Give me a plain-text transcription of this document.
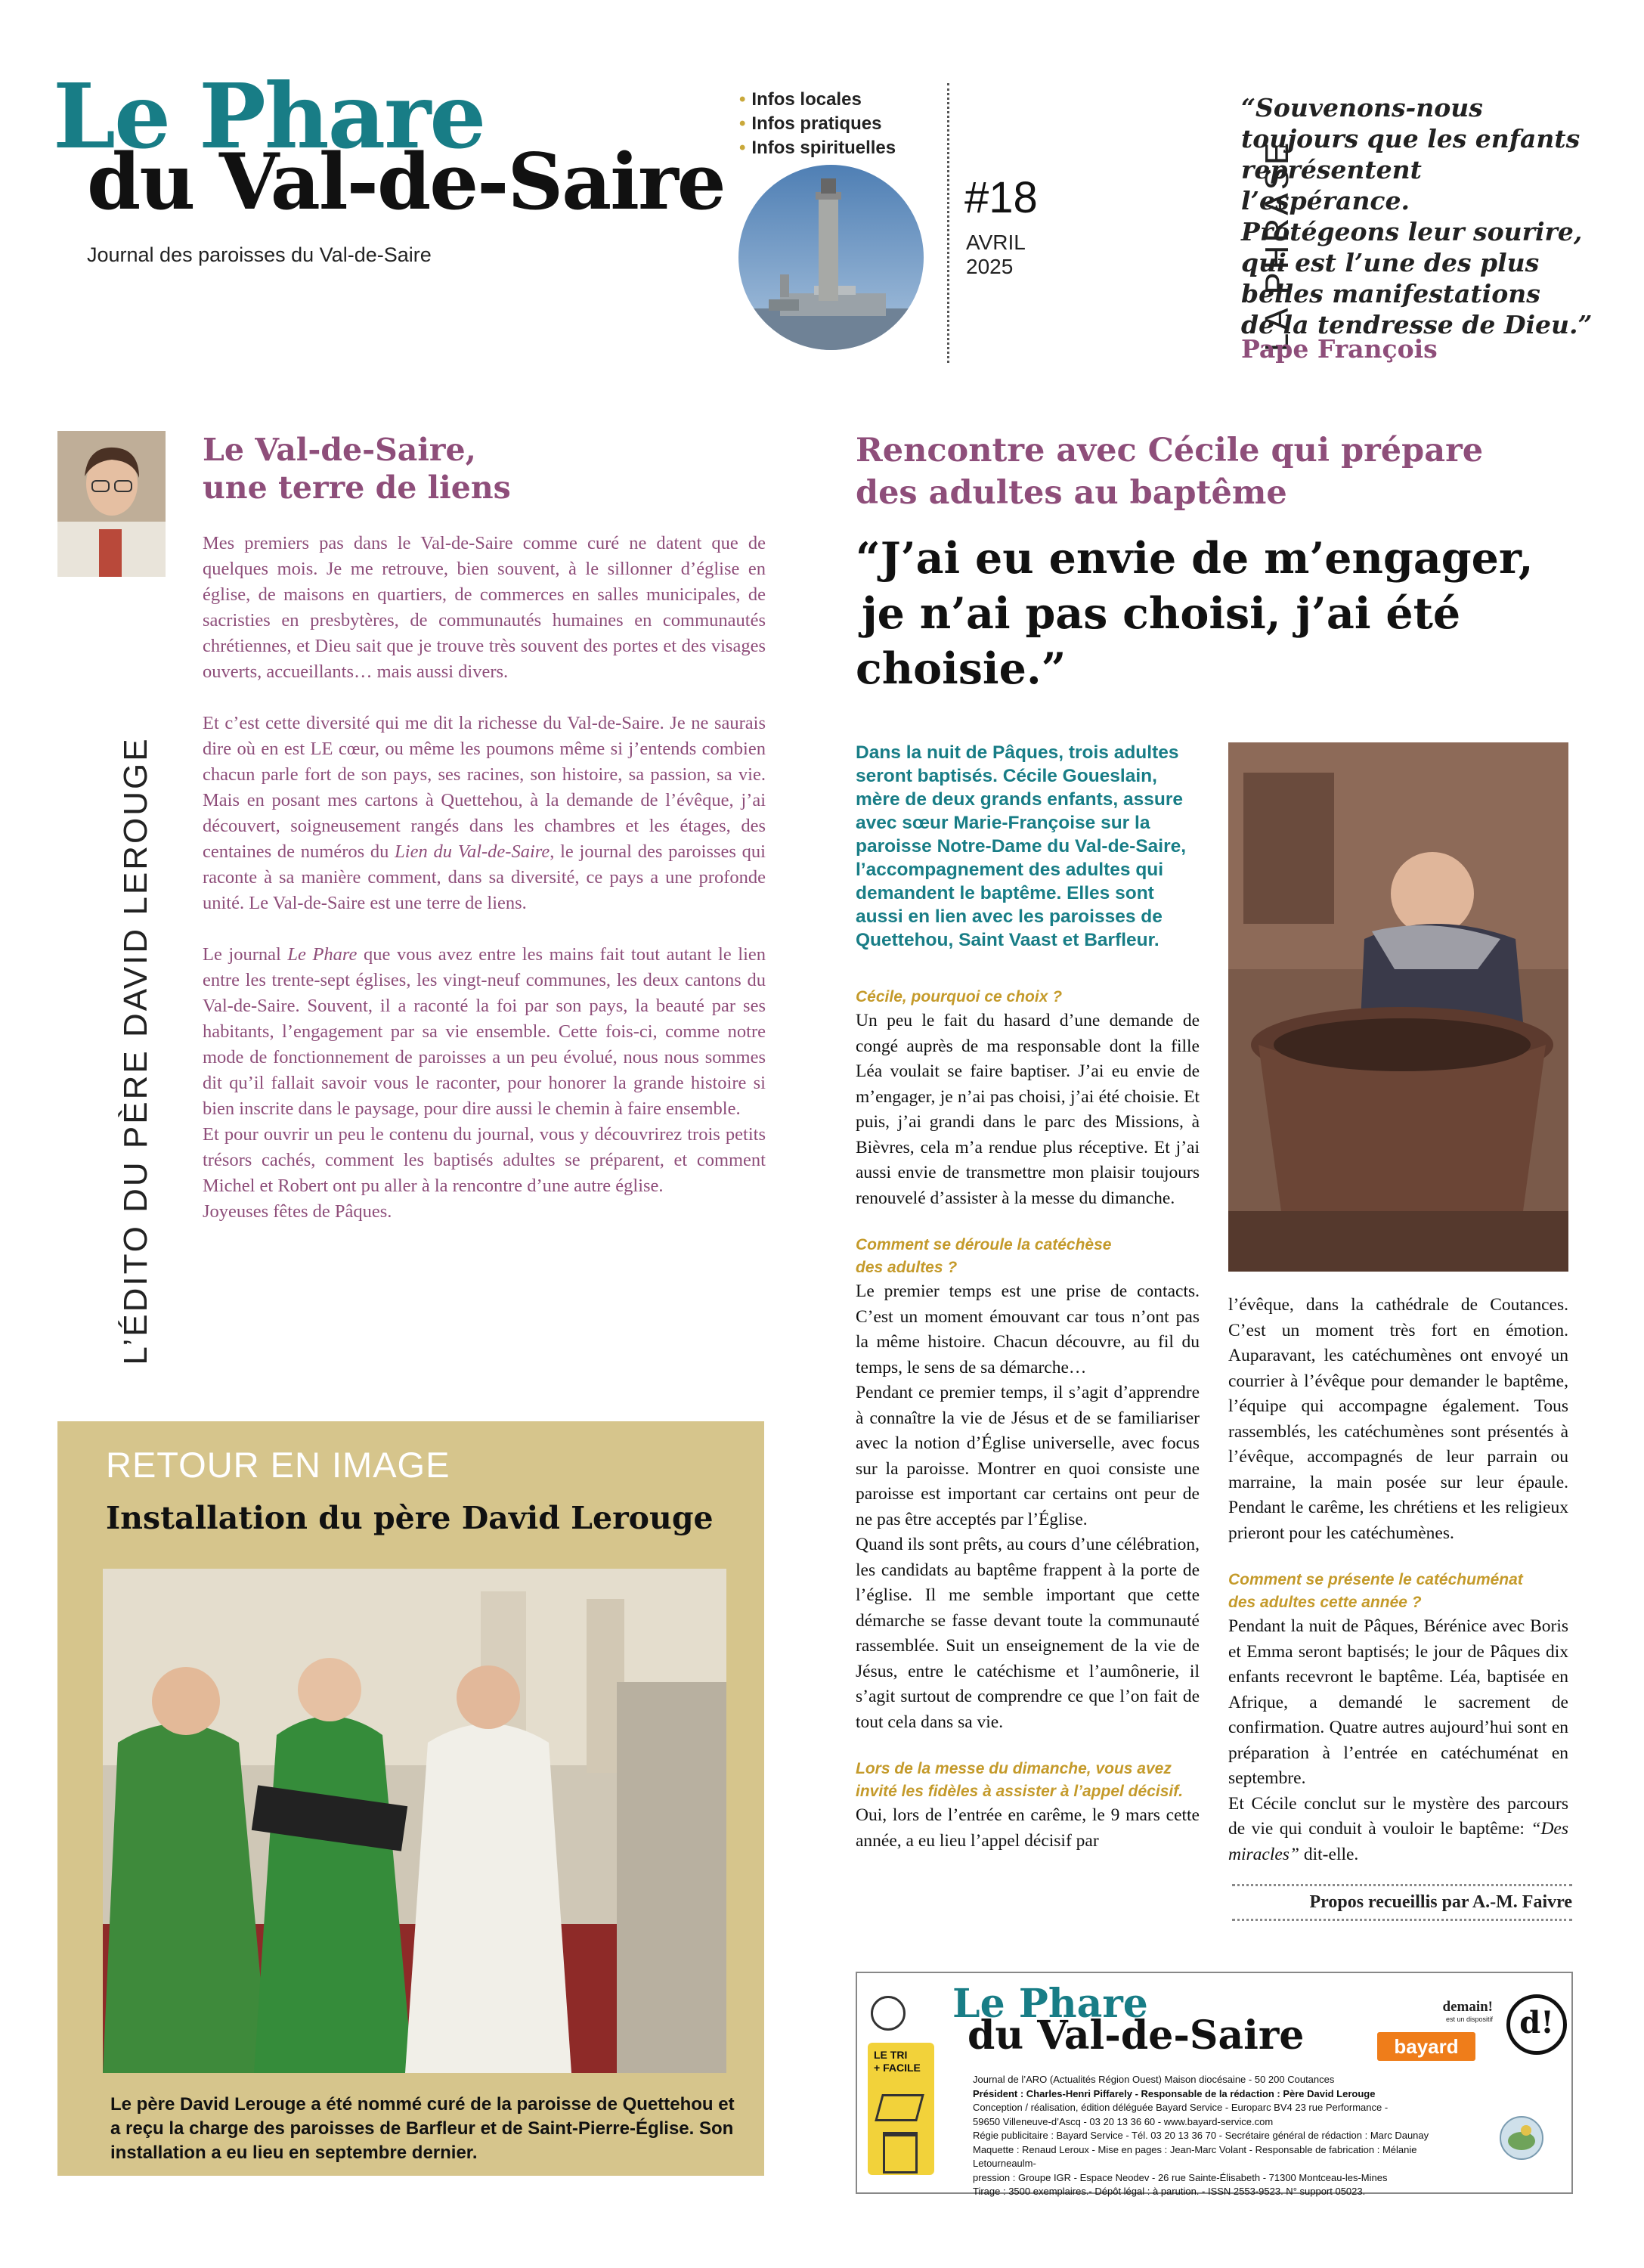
Le Phare
du Val-de-Saire
Journal des paroisses du Val-de-Saire
• Infos locales
• Infos pratiques
• Infos spirituelles
#18
AVRIL
2025	LA PHRASE
“Souvenons-nous
toujours que les enfants
représentent l’espérance.
Protégeons leur sourire,
qui est l’une des plus
belles manifestations
de la tendresse de Dieu.”
Pape François
L’ÉDITO DU PÈRE DAVID LEROUGE
Le Val-de-Saire,
une terre de liens

Mes premiers pas dans le Val-de-Saire comme curé ne datent que de quelques mois. Je me retrouve, bien souvent, à le sillonner d’église en église, de maisons en quartiers, de commerces en salles municipales, de sacristies en presbytères, de communautés humaines en communautés chrétiennes, et Dieu sait que je trouve très souvent des portes et des visages ouverts, accueillants… mais aussi divers.

Et c’est cette diversité qui me dit la richesse du Val-de-Saire. Je ne saurais dire où en est LE cœur, ou même les poumons même si j’entends combien chacun parle fort de son pays, ses racines, son histoire, sa passion, sa vie. Mais en posant mes cartons à Quettehou, à la demande de l’évêque, j’ai découvert, soigneusement rangés dans les chambres et les étages, des centaines de numéros du Lien du Val-de-Saire, le journal des paroisses qui raconte à sa manière comment, dans sa diversité, ce pays a une profonde unité. Le Val-de-Saire est une terre de liens.

Le journal Le Phare que vous avez entre les mains fait tout autant le lien entre les trente-sept églises, les vingt-neuf communes, les deux cantons du Val-de-Saire. Souvent, il a raconté la foi par son pays, la beauté par ses habitants, l’engagement par sa vie ensemble. Cette fois-ci, comme notre mode de fonctionnement de paroisses a un peu évolué, nous nous sommes dit qu’il fallait savoir vous le raconter, pour honorer la grande histoire si bien inscrite dans le paysage, pour dire aussi le chemin à faire ensemble.

Et pour ouvrir un peu le contenu du journal, vous y découvrirez trois petits trésors cachés, comment les baptisés adultes se préparent, et comment Michel et Robert ont pu aller à la rencontre d’une autre église.

Joyeuses fêtes de Pâques.

RETOUR EN IMAGE
Installation du père David Lerouge
Le père David Lerouge a été nommé curé de la paroisse de Quettehou et a reçu la charge des paroisses de Barfleur et de Saint-Pierre-Église. Son installation a eu lieu en septembre dernier.
Rencontre avec Cécile qui prépare
des adultes au baptême
“J’ai eu envie de m’engager,
je n’ai pas choisi, j’ai été
choisie.”
Dans la nuit de Pâques, trois adultes seront baptisés. Cécile Goueslain, mère de deux grands enfants, assure avec sœur Marie-Françoise sur la paroisse Notre-Dame du Val-de-Saire, l’accompagnement des adultes qui demandent le baptême. Elles sont aussi en lien avec les paroisses de Quettehou, Saint Vaast et Barfleur.

Cécile, pourquoi ce choix ?

Un peu le fait du hasard d’une demande de congé auprès de ma responsable dont la fille Léa voulait se faire baptiser. J’ai eu envie de m’engager, je n’ai pas choisi, j’ai été choisie. Et puis, j’ai grandi dans le parc des Missions, à Bièvres, cela m’a rendue plus réceptive. Et j’ai aussi envie de transmettre mon plaisir toujours renouvelé d’assister à la messe du dimanche.

Comment se déroule la catéchèse
des adultes ?

Le premier temps est une prise de contacts. C’est un moment émouvant car tous n’ont pas la même histoire. Chacun découvre, au fil du temps, le sens de sa démarche…

Pendant ce premier temps, il s’agit d’apprendre à connaître la vie de Jésus et de se familiariser avec la notion d’Église universelle, avec focus sur la paroisse. Montrer en quoi consiste une paroisse est important car certains ont peur de ne pas être acceptés par l’Église.

Quand ils sont prêts, au cours d’une célébration, les candidats au baptême frappent à la porte de l’église. Il me semble important que cette démarche se fasse devant toute la communauté rassemblée. Suit un enseignement de la vie de Jésus, entre le catéchisme et l’aumônerie, il s’agit surtout de comprendre ce que l’on fait de tout cela dans sa vie.

Lors de la messe du dimanche, vous avez
invité les fidèles à assister à l’appel décisif.

Oui, lors de l’entrée en carême, le 9 mars cette année, a eu lieu l’appel décisif par

l’évêque, dans la cathédrale de Coutances. C’est un moment très fort en émotion. Auparavant, les catéchumènes ont envoyé un courrier à l’évêque pour demander le baptême, l’équipe qui accompagne également. Tous rassemblés, les catéchumènes sont présentés à l’évêque, accompagnés de leur parrain ou marraine, la main posée sur leur épaule. Pendant le carême, les chrétiens et les religieux prieront pour les catéchumènes.

Comment se présente le catéchuménat
des adultes cette année ?

Pendant la nuit de Pâques, Bérénice avec Boris et Emma seront baptisés; le jour de Pâques dix enfants recevront le baptême. Léa, baptisée en Afrique, a demandé le sacrement de confirmation. Quatre autres aujourd’hui sont en préparation à l’entrée en catéchuménat en septembre.

Et Cécile conclut sur le mystère des parcours de vie qui conduit à vouloir le baptême: “Des miracles” dit-elle.

Propos recueillis par A.-M. Faivre
LE TRI
+ FACILE
Le Phare
du Val-de-Saire
Journal de l’ARO (Actualités Région Ouest) Maison diocésaine - 50 200 Coutances
Président : Charles-Henri Piffarely - Responsable de la rédaction : Père David Lerouge
Conception / réalisation, édition déléguée Bayard Service - Europarc BV4 23 rue Performance -
59650 Villeneuve-d’Ascq - 03 20 13 36 60 - www.bayard-service.com
Régie publicitaire : Bayard Service - Tél. 03 20 13 36 70 - Secrétaire général de rédaction : Marc Daunay
Maquette : Renaud Leroux - Mise en pages : Jean-Marc Volant - Responsable de fabrication : Mélanie Letourneaulm-
pression : Groupe IGR - Espace Neodev - 26 rue Sainte-Élisabeth - 71300 Montceau-les-Mines
Tirage : 3500 exemplaires.- Dépôt légal : à parution. - ISSN 2553-9523. N° support 05023.
demain!
est un dispositif
bayard
d!
